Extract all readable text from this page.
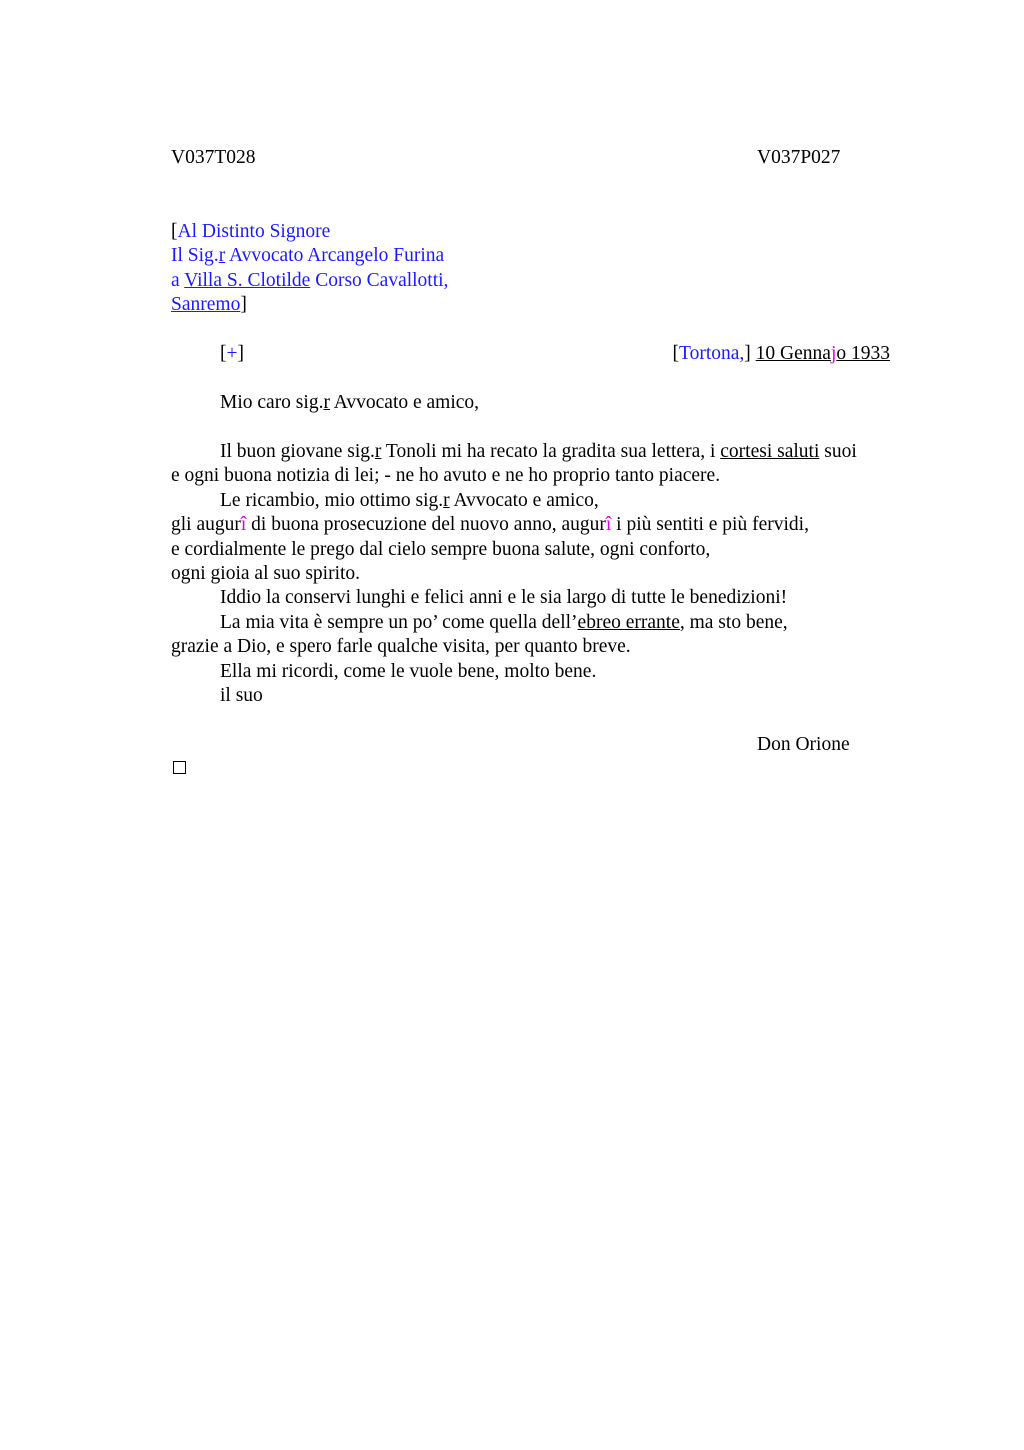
V037T028	V037P027
[Al Distinto Signore
Il Sig.r Avvocato Arcangelo Furina
a Villa S. Clotilde Corso Cavallotti,
Sanremo]
[+]	[Tortona,] 10 Gennajo 1933
Mio caro sig.r Avvocato e amico,
Il buon giovane sig.r Tonoli mi ha recato la gradita sua lettera, i cortesi saluti suoi
e ogni buona notizia di lei; - ne ho avuto e ne ho proprio tanto piacere.
Le ricambio, mio ottimo sig.r Avvocato e amico,
gli augurî di buona prosecuzione del nuovo anno, augurî i più sentiti e più fervidi,
e cordialmente le prego dal cielo sempre buona salute, ogni conforto,
ogni gioia al suo spirito.
Iddio la conservi lunghi e felici anni e le sia largo di tutte le benedizioni!
La mia vita è sempre un po’ come quella dell’ebreo errante, ma sto bene,
grazie a Dio, e spero farle qualche visita, per quanto breve.
Ella mi ricordi, come le vuole bene, molto bene.
il suo
Don Orione
